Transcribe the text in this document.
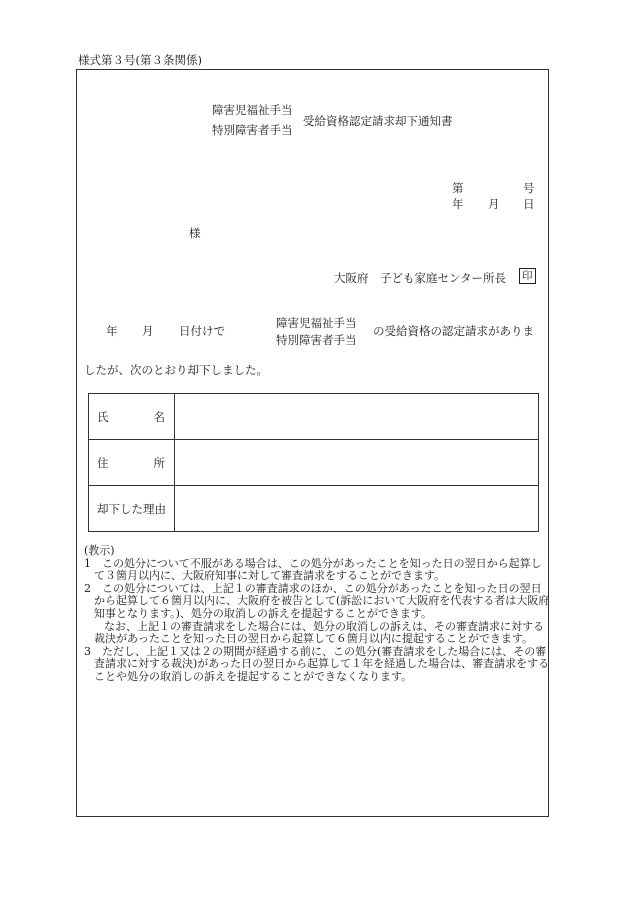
様式第３号(第３条関係)
障害児福祉手当
特別障害者手当
受給資格認定請求却下通知書
第	号
年 月 日
様
大阪府　子ども家庭センター所長 印
年 月 日付けで
障害児福祉手当
特別障害者手当
の受給資格の認定請求がありま
したが、次のとおり却下しました。
氏 名	

住 所	

却下した理由	

(教示)

1　この処分について不服がある場合は、この処分があったことを知った日の翌日から起算して３箇月以内に、大阪府知事に対して審査請求をすることができます。

2　この処分については、上記１の審査請求のほか、この処分があったことを知った日の翌日から起算して６箇月以内に、大阪府を被告として(訴訟において大阪府を代表する者は大阪府知事となります。)、処分の取消しの訴えを提起することができます。

なお、上記１の審査請求をした場合には、処分の取消しの訴えは、その審査請求に対する裁決があったことを知った日の翌日から起算して６箇月以内に提起することができます。

3　ただし、上記１又は２の期間が経過する前に、この処分(審査請求をした場合には、その審査請求に対する裁決)があった日の翌日から起算して１年を経過した場合は、審査請求をすることや処分の取消しの訴えを提起することができなくなります。
